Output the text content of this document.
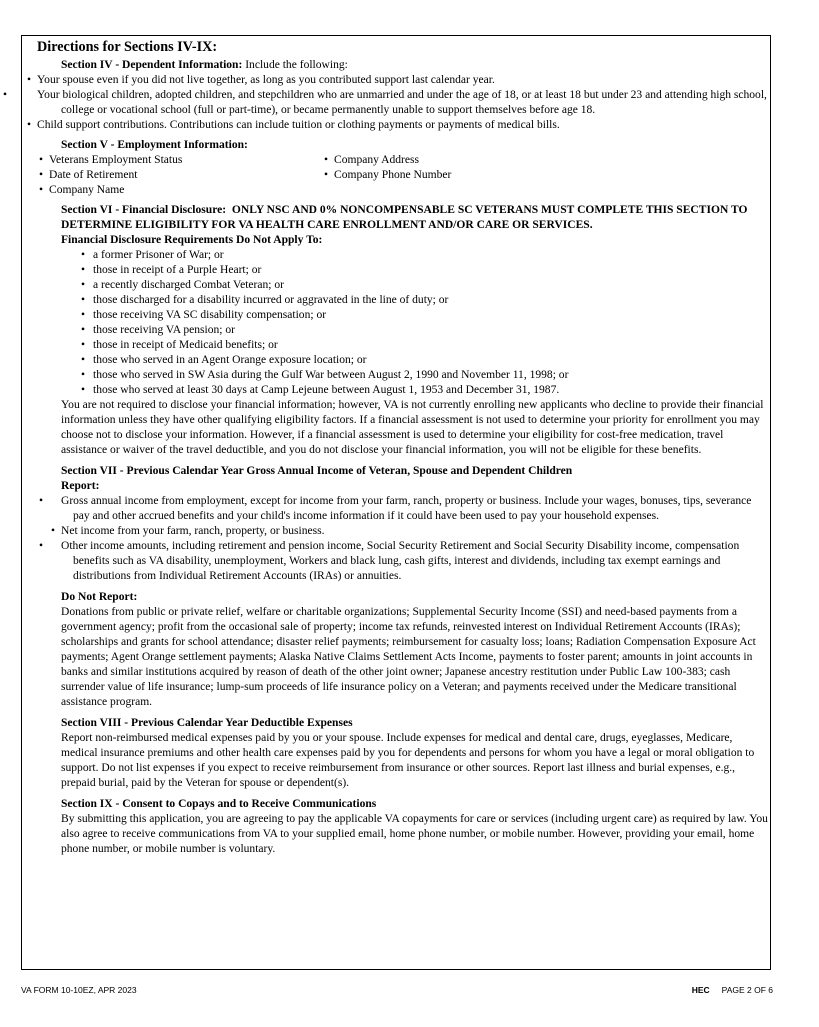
Directions for Sections IV-IX:
Section IV - Dependent Information: Include the following:
• Your spouse even if you did not live together, as long as you contributed support last calendar year.
• Your biological children, adopted children, and stepchildren who are unmarried and under the age of 18, or at least 18 but under 23 and attending high school, college or vocational school (full or part-time), or became permanently unable to support themselves before age 18.
• Child support contributions. Contributions can include tuition or clothing payments or payments of medical bills.
Section V - Employment Information:
• Veterans Employment Status
• Date of Retirement
• Company Name
• Company Address
• Company Phone Number
Section VI - Financial Disclosure: ONLY NSC AND 0% NONCOMPENSABLE SC VETERANS MUST COMPLETE THIS SECTION TO DETERMINE ELIGIBILITY FOR VA HEALTH CARE ENROLLMENT AND/OR CARE OR SERVICES.
Financial Disclosure Requirements Do Not Apply To:
• a former Prisoner of War; or
• those in receipt of a Purple Heart; or
• a recently discharged Combat Veteran; or
• those discharged for a disability incurred or aggravated in the line of duty; or
• those receiving VA SC disability compensation; or
• those receiving VA pension; or
• those in receipt of Medicaid benefits; or
• those who served in an Agent Orange exposure location; or
• those who served in SW Asia during the Gulf War between August 2, 1990 and November 11, 1998; or
• those who served at least 30 days at Camp Lejeune between August 1, 1953 and December 31, 1987.
You are not required to disclose your financial information; however, VA is not currently enrolling new applicants who decline to provide their financial information unless they have other qualifying eligibility factors. If a financial assessment is not used to determine your priority for enrollment you may choose not to disclose your information. However, if a financial assessment is used to determine your eligibility for cost-free medication, travel assistance or waiver of the travel deductible, and you do not disclose your financial information, you will not be eligible for these benefits.
Section VII - Previous Calendar Year Gross Annual Income of Veteran, Spouse and Dependent Children
Report:
• Gross annual income from employment, except for income from your farm, ranch, property or business. Include your wages, bonuses, tips, severance pay and other accrued benefits and your child's income information if it could have been used to pay your household expenses.
• Net income from your farm, ranch, property, or business.
• Other income amounts, including retirement and pension income, Social Security Retirement and Social Security Disability income, compensation benefits such as VA disability, unemployment, Workers and black lung, cash gifts, interest and dividends, including tax exempt earnings and distributions from Individual Retirement Accounts (IRAs) or annuities.
Do Not Report:
Donations from public or private relief, welfare or charitable organizations; Supplemental Security Income (SSI) and need-based payments from a government agency; profit from the occasional sale of property; income tax refunds, reinvested interest on Individual Retirement Accounts (IRAs); scholarships and grants for school attendance; disaster relief payments; reimbursement for casualty loss; loans; Radiation Compensation Exposure Act payments; Agent Orange settlement payments; Alaska Native Claims Settlement Acts Income, payments to foster parent; amounts in joint accounts in banks and similar institutions acquired by reason of death of the other joint owner; Japanese ancestry restitution under Public Law 100-383; cash surrender value of life insurance; lump-sum proceeds of life insurance policy on a Veteran; and payments received under the Medicare transitional assistance program.
Section VIII - Previous Calendar Year Deductible Expenses
Report non-reimbursed medical expenses paid by you or your spouse. Include expenses for medical and dental care, drugs, eyeglasses, Medicare, medical insurance premiums and other health care expenses paid by you for dependents and persons for whom you have a legal or moral obligation to support. Do not list expenses if you expect to receive reimbursement from insurance or other sources. Report last illness and burial expenses, e.g., prepaid burial, paid by the Veteran for spouse or dependent(s).
Section IX - Consent to Copays and to Receive Communications
By submitting this application, you are agreeing to pay the applicable VA copayments for care or services (including urgent care) as required by law. You also agree to receive communications from VA to your supplied email, home phone number, or mobile number. However, providing your email, home phone number, or mobile number is voluntary.
VA FORM 10-10EZ, APR 2023	HEC PAGE 2 OF 6
